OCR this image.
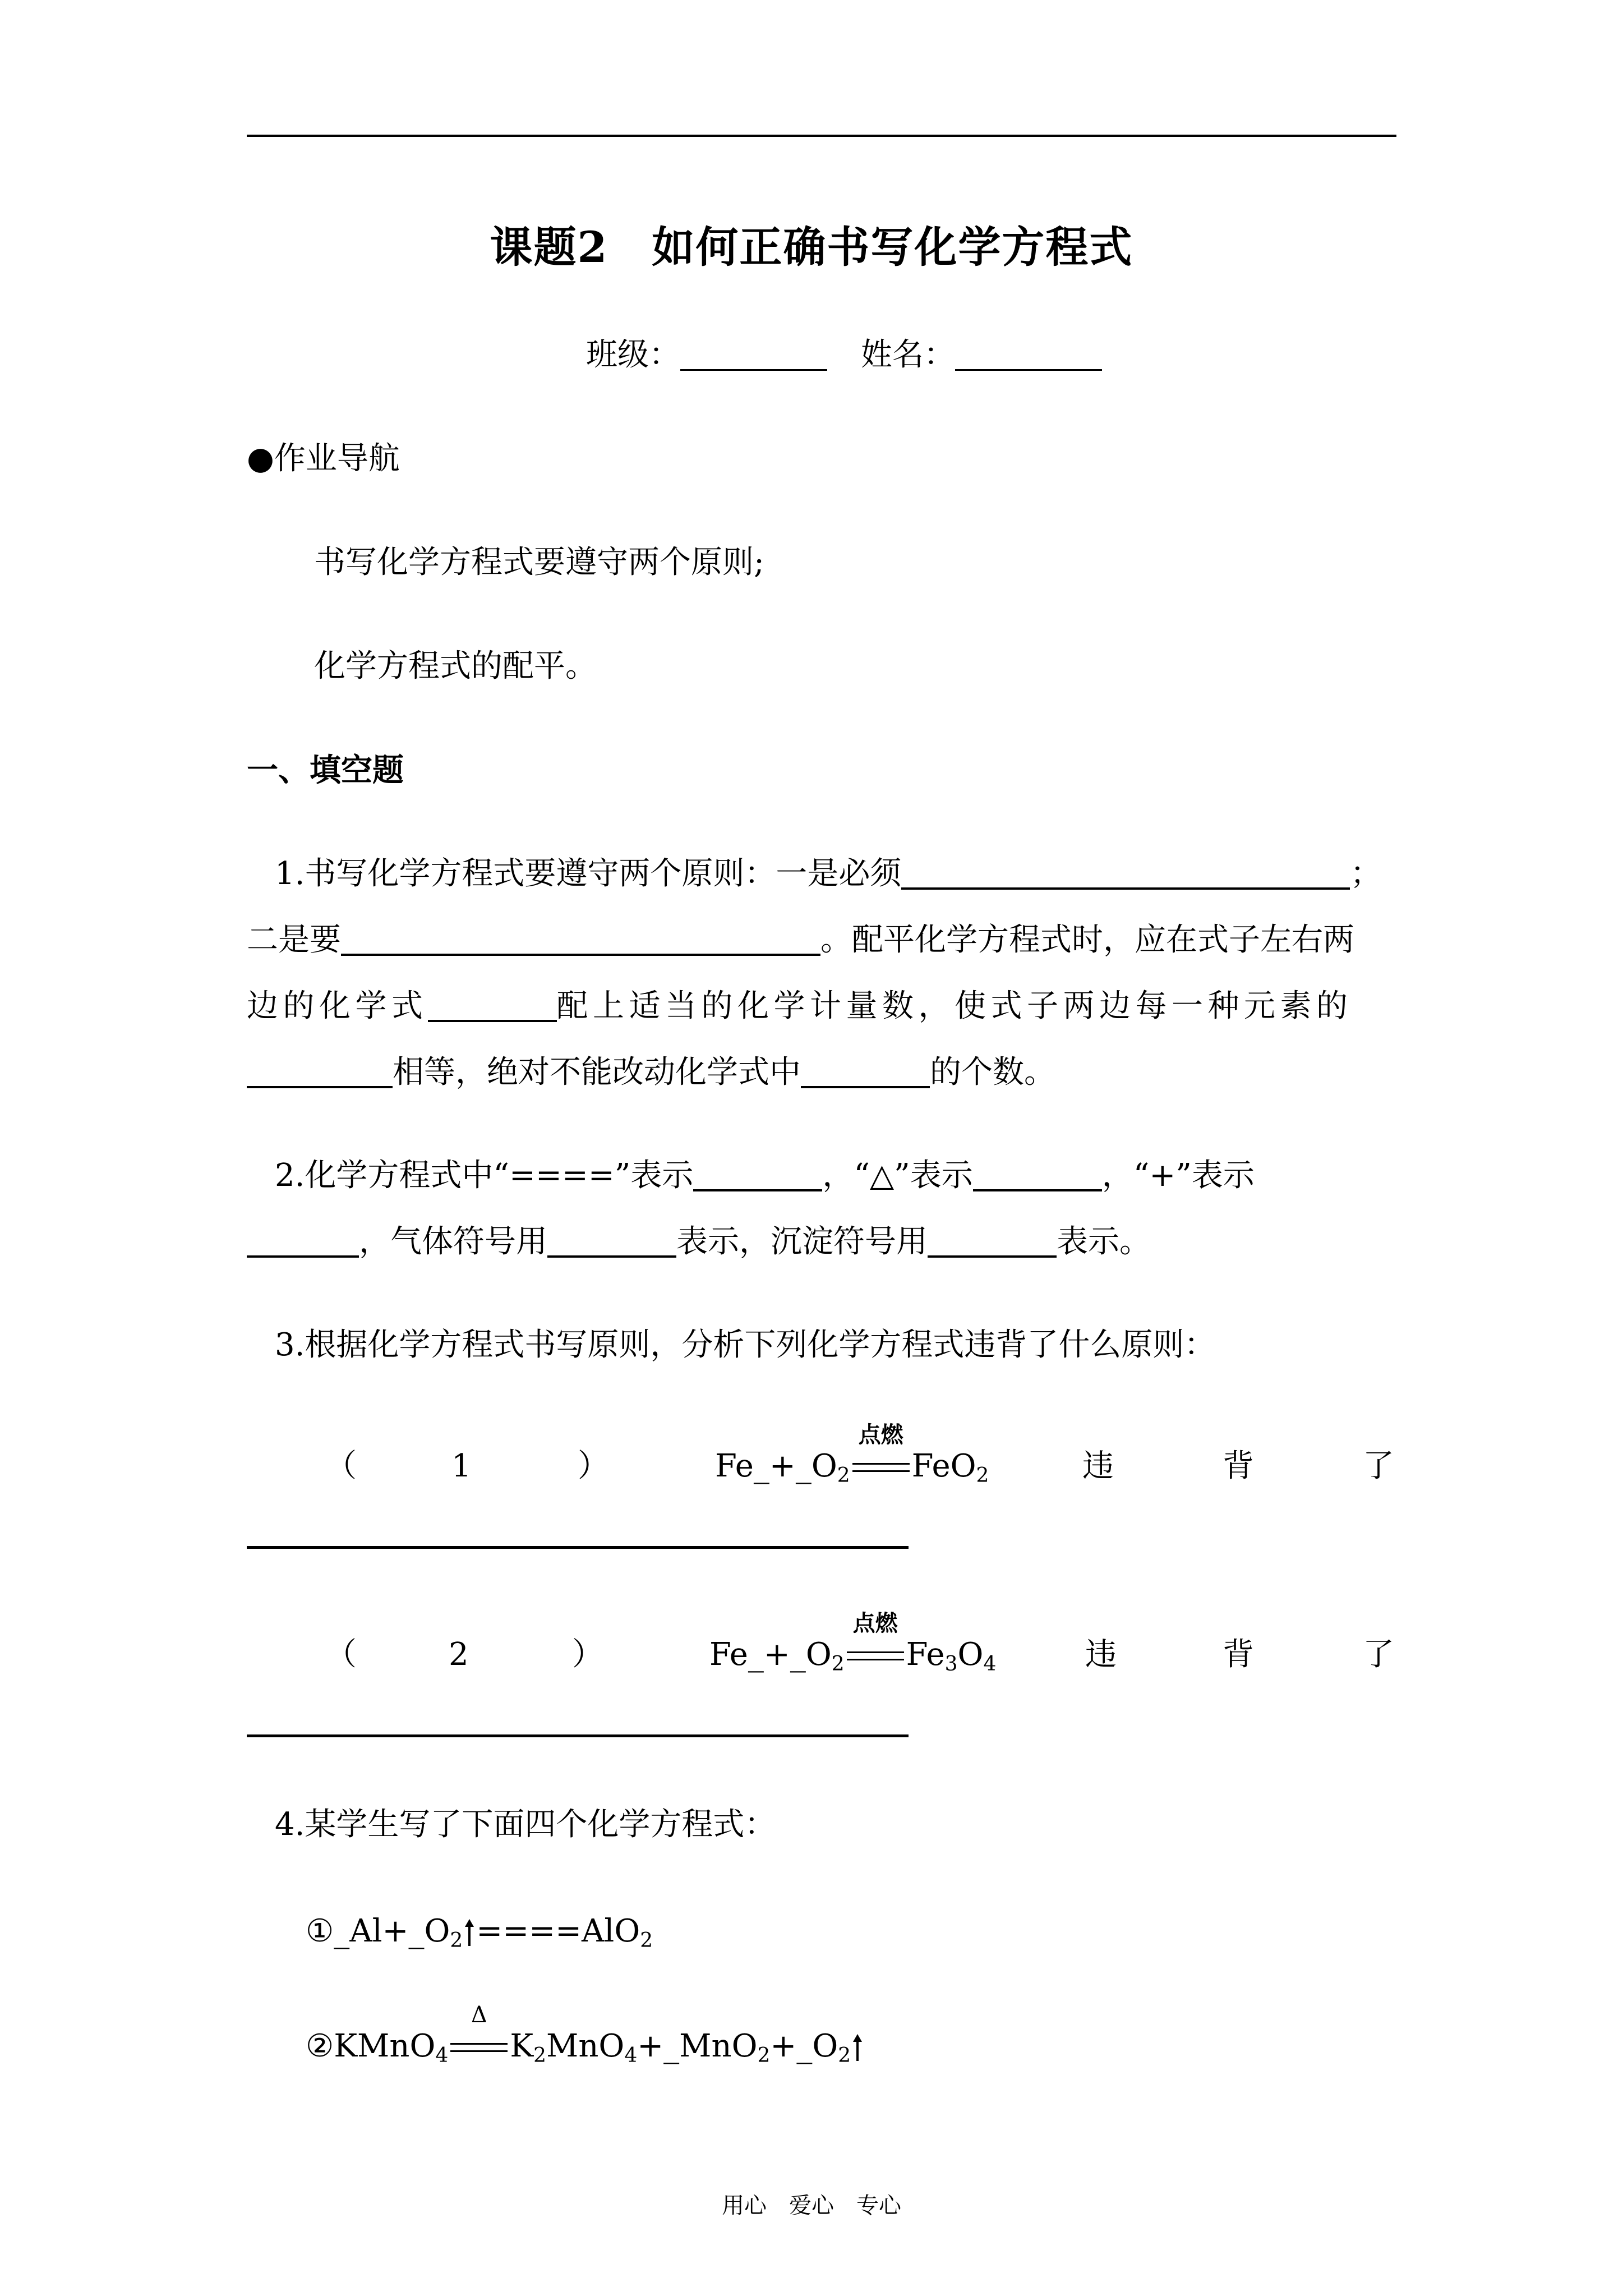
课题2　如何正确书写化学方程式
班级：	姓名：
●作业导航
书写化学方程式要遵守两个原则;
化学方程式的配平。
一、填空题
1.书写化学方程式要遵守两个原则：一是必须	；
二是要	。配平化学方程式时，应在式子左右两
边的化学式	配上适当的化学计量数，使式子两边每一种元素的
相等，绝对不能改动化学式中	的个数。
2.化学方程式中“====”表示	，“△”表示	，“+”表示
，气体符号用	表示，沉淀符号用	表示。
3.根据化学方程式书写原则，分析下列化学方程式违背了什么原则：
（	1	）	$Fe\_+\_O_2$
点燃
FeO$_2$	违	背	了
（	2	）	$Fe\_+\_O_2$
点燃
$Fe_3O_4$	违	背	了
4.某学生写了下面四个化学方程式：
$①\_Al+\_O_2 ====AlO_2$
②KMnO$_4$
Δ
$K_2MnO_4+\_MnO_2+\_O_2$
用心　爱心　专心
